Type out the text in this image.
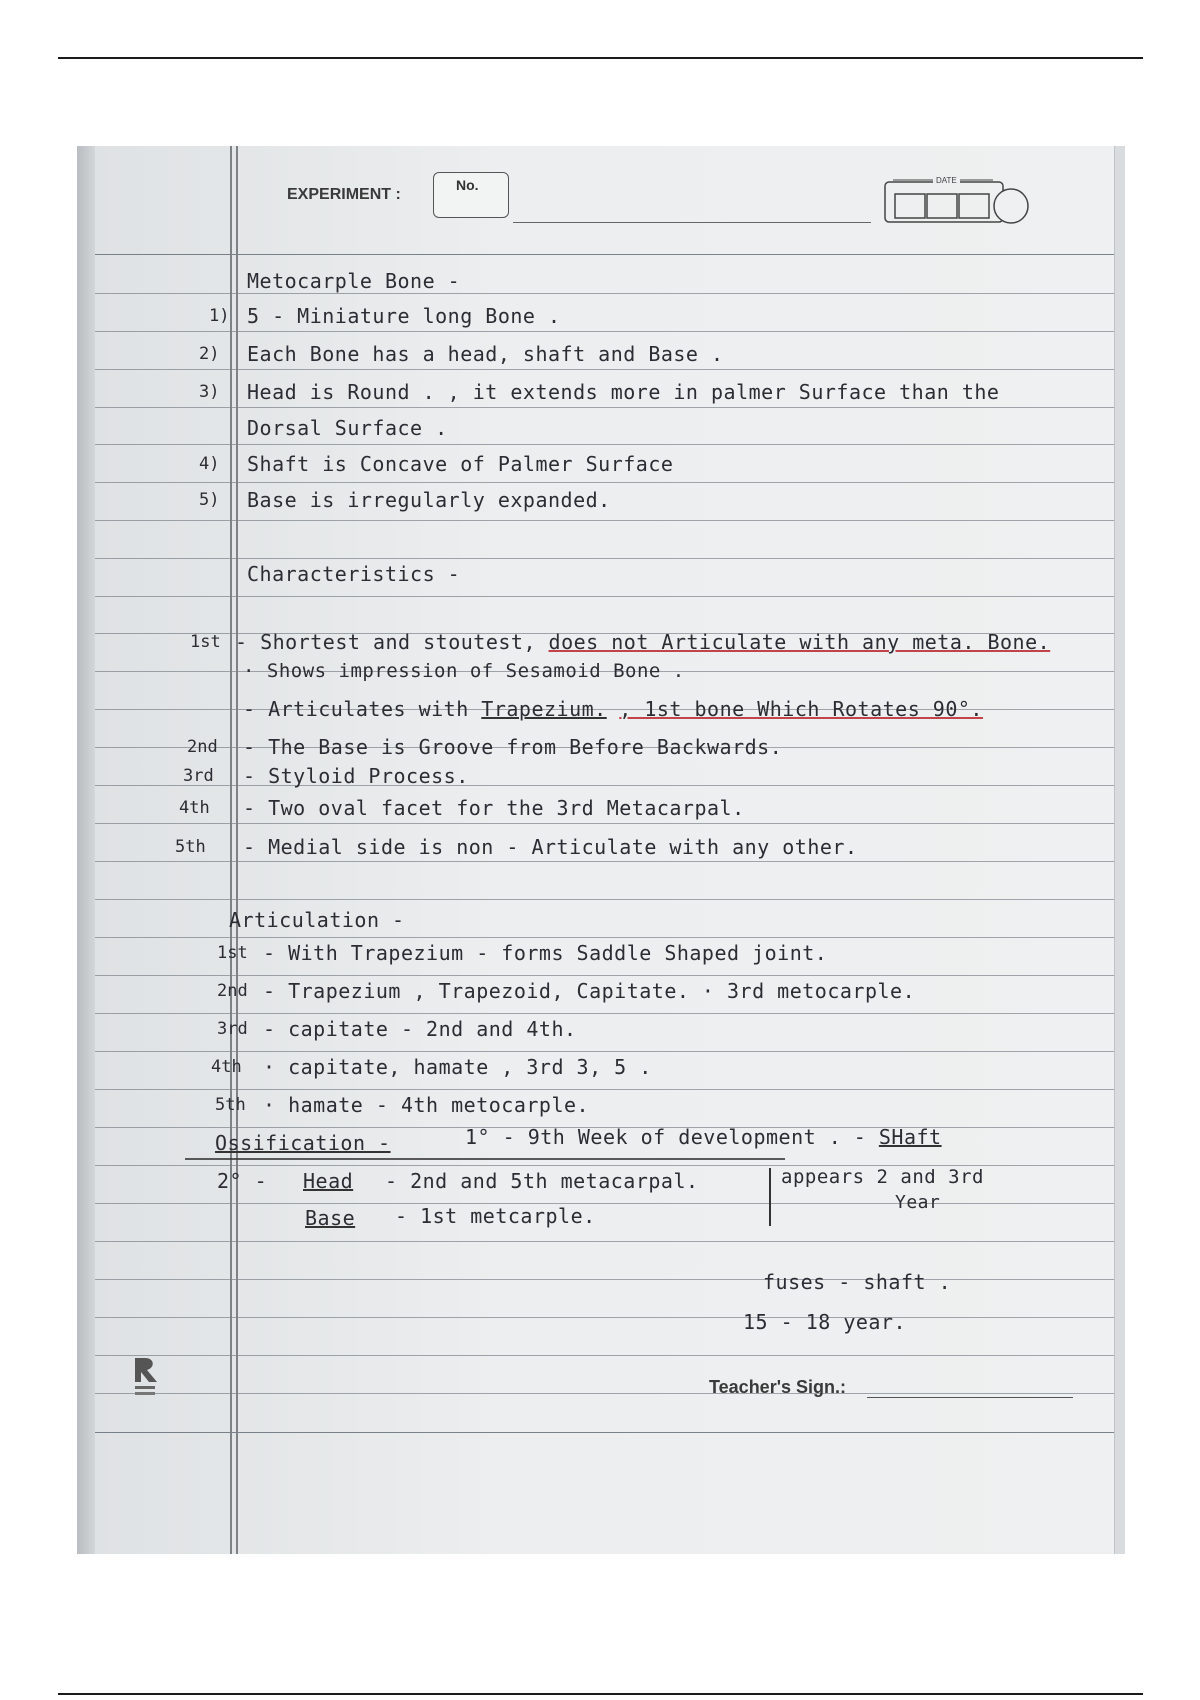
EXPERIMENT :
No.	DATE
Metocarple Bone -
1) 5 - Miniature long Bone .
2) Each Bone has a head, shaft and Base .
3) Head is Round . , it extends more in palmer Surface than the
Dorsal Surface .
4) Shaft is Concave of Palmer Surface
5) Base is irregularly expanded.
Characteristics -
1st - Shortest and stoutest, does not Articulate with any meta. Bone.
· Shows impression of Sesamoid Bone .
- Articulates with Trapezium. , 1st bone Which Rotates 90°.
2nd - The Base is Groove from Before Backwards.
3rd - Styloid Process.
4th - Two oval facet for the 3rd Metacarpal.
5th - Medial side is non - Articulate with any other.
Articulation -
1st - With Trapezium - forms Saddle Shaped joint.
2nd - Trapezium , Trapezoid, Capitate. · 3rd metocarple.
3rd - capitate - 2nd and 4th.
4th · capitate, hamate , 3rd 3, 5 .
5th · hamate - 4th metocarple.
Ossification -	1° - 9th Week of development . - SHaft
2° - Head - 2nd and 5th metacarpal.
Base - 1st metcarple.
appears 2 and 3rd
Year
fuses - shaft .
15 - 18 year.
Teacher's Sign.:
